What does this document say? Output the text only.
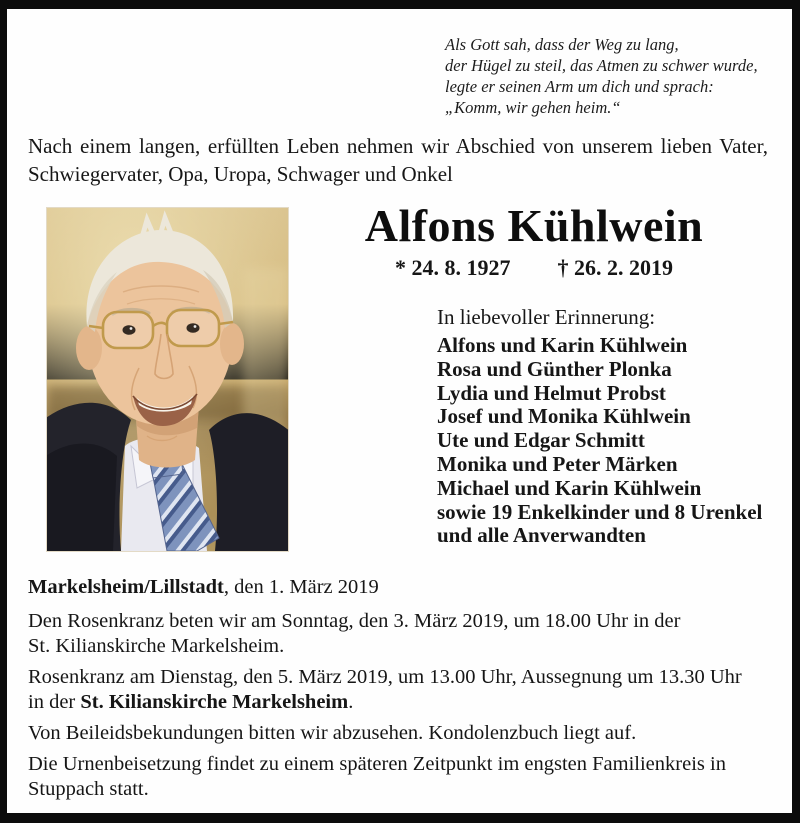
Als Gott sah, dass der Weg zu lang,
der Hügel zu steil, das Atmen zu schwer wurde,
legte er seinen Arm um dich und sprach:
„Komm, wir gehen heim.“
Nach einem langen, erfüllten Leben nehmen wir Abschied von unserem lieben Vater,
Schwiegervater, Opa, Uropa, Schwager und Onkel
Alfons Kühlwein
* 24. 8. 1927 † 26. 2. 2019
In liebevoller Erinnerung:
Alfons und Karin Kühlwein
Rosa und Günther Plonka
Lydia und Helmut Probst
Josef und Monika Kühlwein
Ute und Edgar Schmitt
Monika und Peter Märken
Michael und Karin Kühlwein
sowie 19 Enkelkinder und 8 Urenkel
und alle Anverwandten
Markelsheim/Lillstadt, den 1. März 2019
Den Rosenkranz beten wir am Sonntag, den 3. März 2019, um 18.00 Uhr in der
St. Kilianskirche Markelsheim.
Rosenkranz am Dienstag, den 5. März 2019, um 13.00 Uhr, Aussegnung um 13.30 Uhr
in der St. Kilianskirche Markelsheim.
Von Beileidsbekundungen bitten wir abzusehen. Kondolenzbuch liegt auf.
Die Urnenbeisetzung findet zu einem späteren Zeitpunkt im engsten Familienkreis in
Stuppach statt.
